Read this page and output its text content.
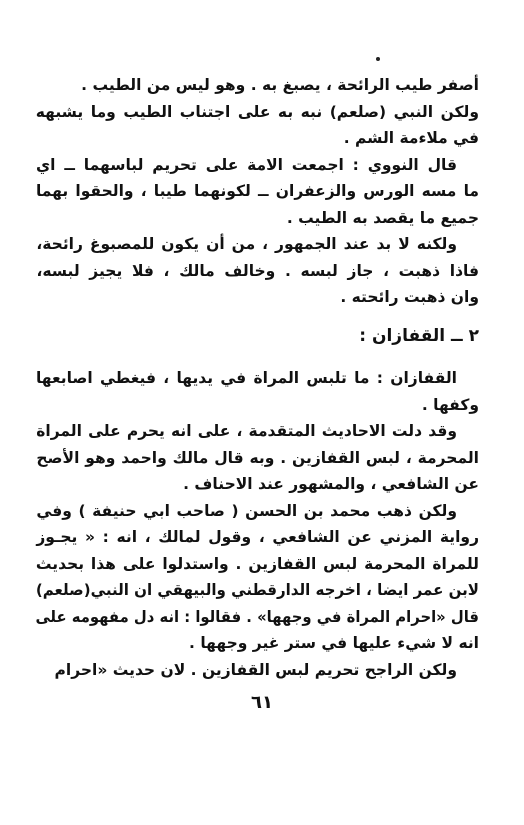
أصفر طيب الرائحة ، يصبغ به . وهو ليس من الطيب .
ولكن النبي (صلعم) نبه به على اجتناب الطيب وما يشبهه
في ملاءمة الشم .
قال النووي : اجمعت الامة على تحريم لباسهما ــ اي
ما مسه الورس والزعفران ــ لكونهما طيبا ، والحقوا بهما
جميع ما يقصد به الطيب .
ولكنه لا بد عند الجمهور ، من أن يكون للمصبوغ رائحة،
فاذا ذهبت ، جاز لبسه . وخالف مالك ، فلا يجيز لبسه،
وان ذهبت رائحته .
٢ ــ القفازان :
القفازان : ما تلبس المراة في يديها ، فيغطي اصابعها
وكفها .
وقد دلت الاحاديث المتقدمة ، على انه يحرم على المراة
المحرمة ، لبس القفازين . وبه قال مالك واحمد وهو الأصح
عن الشافعي ، والمشهور عند الاحناف .
ولكن ذهب محمد بن الحسن ( صاحب ابي حنيفة ) وفي
رواية المزني عن الشافعي ، وقول لمالك ، انه : « يجـوز
للمراة المحرمة لبس القفازين . واستدلوا على هذا بحديث
لابن عمر ايضا ، اخرجه الدارقطني والبيهقي ان النبي(صلعم)
قال «احرام المراة في وجهها» . فقالوا : انه دل مفهومه على
انه لا شيء عليها في ستر غير وجهها .
ولكن الراجح تحريم لبس القفازين . لان حديث «احرام
٦١
